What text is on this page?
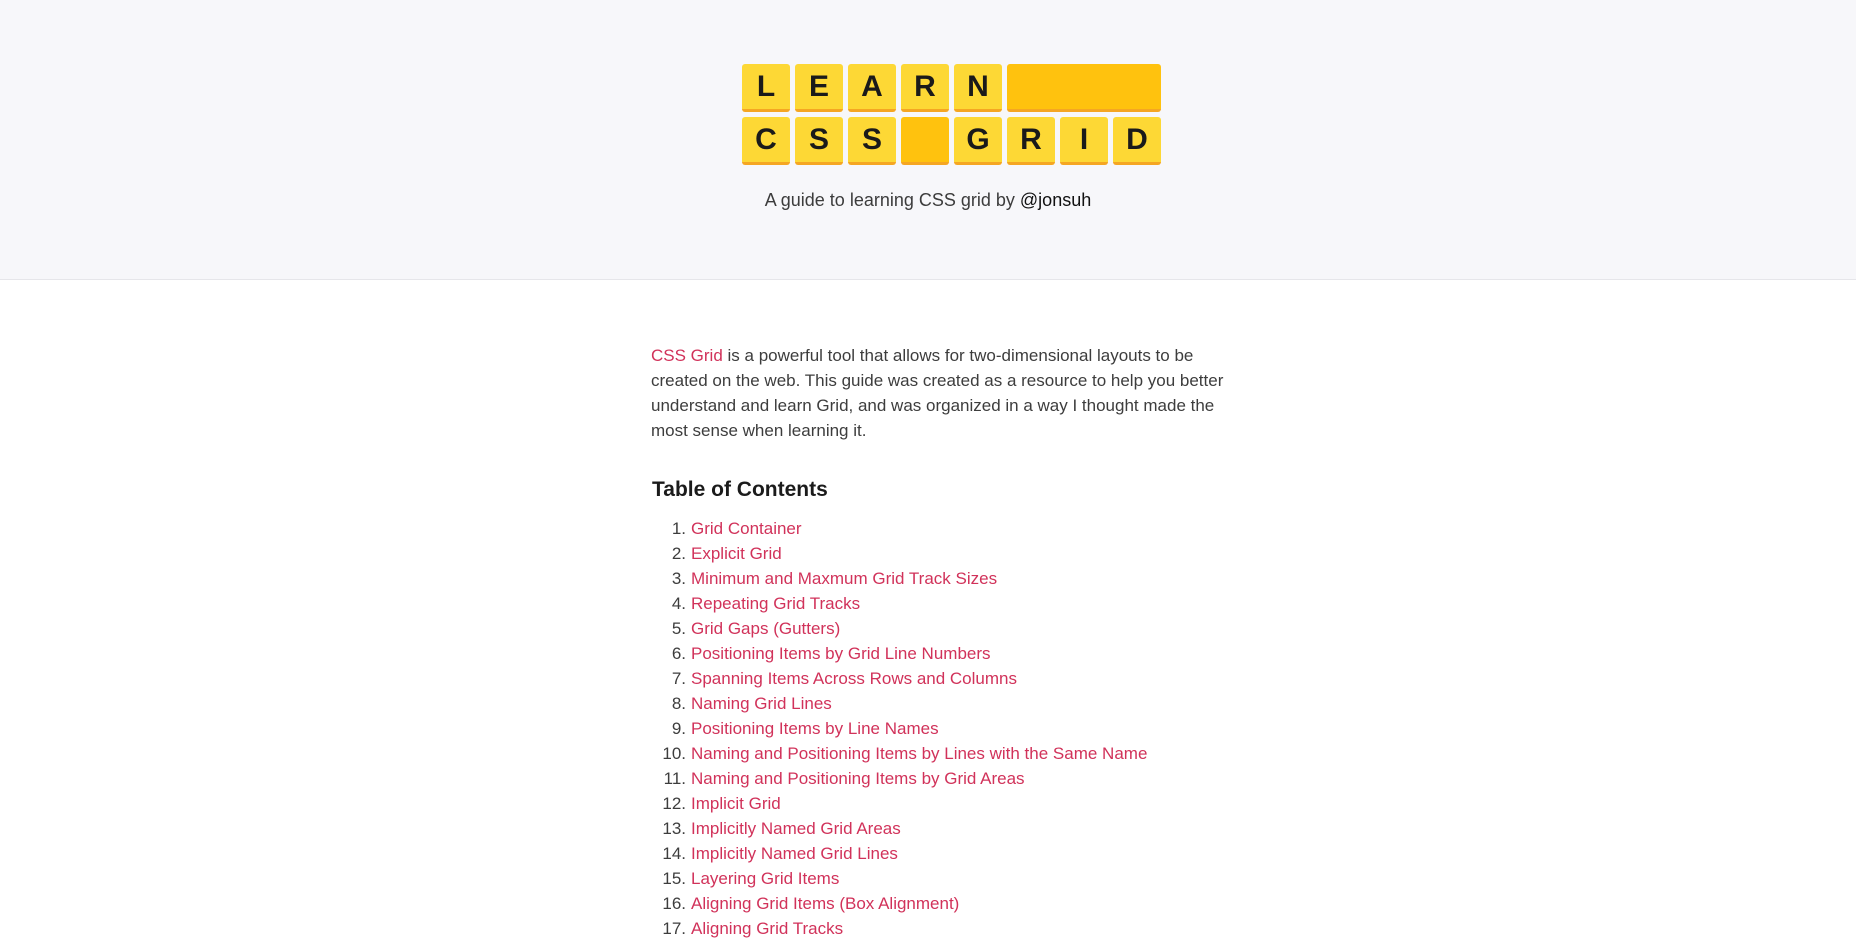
L	E	A	R	N
C	S	S	G	R	I	D
A guide to learning CSS grid by @jonsuh

CSS Grid is a powerful tool that allows for two-dimensional layouts to be created on the web. This guide was created as a resource to help you better understand and learn Grid, and was organized in a way I thought made the most sense when learning it.

Table of Contents
1. Grid Container
2. Explicit Grid
3. Minimum and Maxmum Grid Track Sizes
4. Repeating Grid Tracks
5. Grid Gaps (Gutters)
6. Positioning Items by Grid Line Numbers
7. Spanning Items Across Rows and Columns
8. Naming Grid Lines
9. Positioning Items by Line Names
10. Naming and Positioning Items by Lines with the Same Name
11. Naming and Positioning Items by Grid Areas
12. Implicit Grid
13. Implicitly Named Grid Areas
14. Implicitly Named Grid Lines
15. Layering Grid Items
16. Aligning Grid Items (Box Alignment)
17. Aligning Grid Tracks
